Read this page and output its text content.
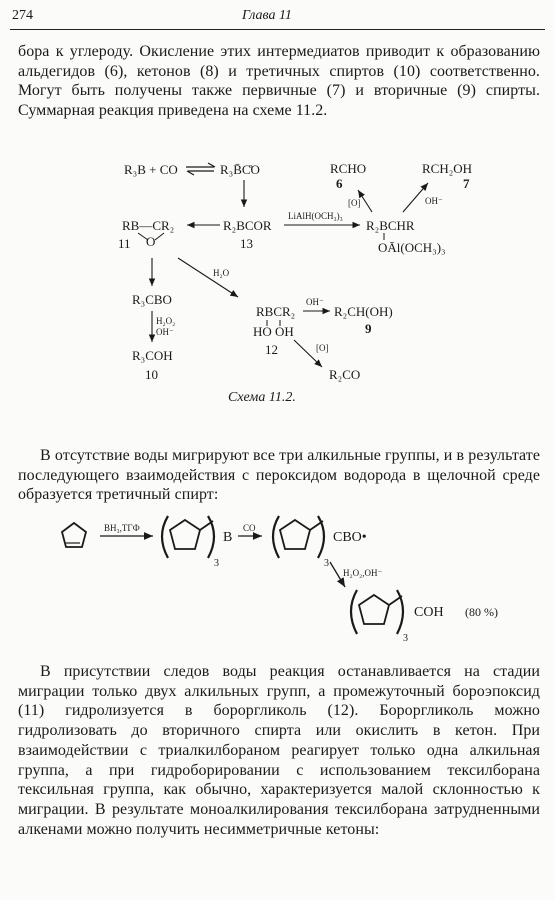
274	Глава 11
бора к углероду. Окисление этих интермедиатов приводит к образованию альдегидов (6), кетонов (8) и третичных спиртов (10) соответственно. Могут быть получены также первичные (7) и вторичные (9) спирты. Суммарная реакция приведена на схеме 11.2.
R₃B + CO	R₃B̄C̊O	RCHO
6
RCH₂OH
7
RB—CR₂
O
11
R₂BCOR
13
LiAlH(OCH₃)₃
R₂BCHR
OĀl(OCH₃)₃
[O]	OH⁻
H₂O
R₃CBO
H₂O₂
OH⁻
R₃COH
10
RBCR₂
HO OH
12
OH⁻
R₂CH(OH)
9
[O]
R₂CO
Схема 11.2.
В отсутствие воды мигрируют все три алкильные группы, и в результате последующего взаимодействия с пероксидом водорода в щелочной среде образуется третичный спирт:
BH₃,ТГФ
B
3
CO
CBO•
3
H₂O₂,OH⁻
COH
3
(80 %)
В присутствии следов воды реакция останавливается на стадии миграции только двух алкильных групп, а промежуточный бороэпоксид (11) гидролизуется в бороргликоль (12). Бороргликоль можно гидролизовать до вторичного спирта или окислить в кетон. При взаимодействии с триалкилбораном реагирует только одна алкильная группа, а при гидроборировании с использованием тексилборана тексильная группа, как обычно, характеризуется малой склонностью к миграции. В результате моноалкилирования тексилборана затрудненными алкенами можно получить несимметричные кетоны:
